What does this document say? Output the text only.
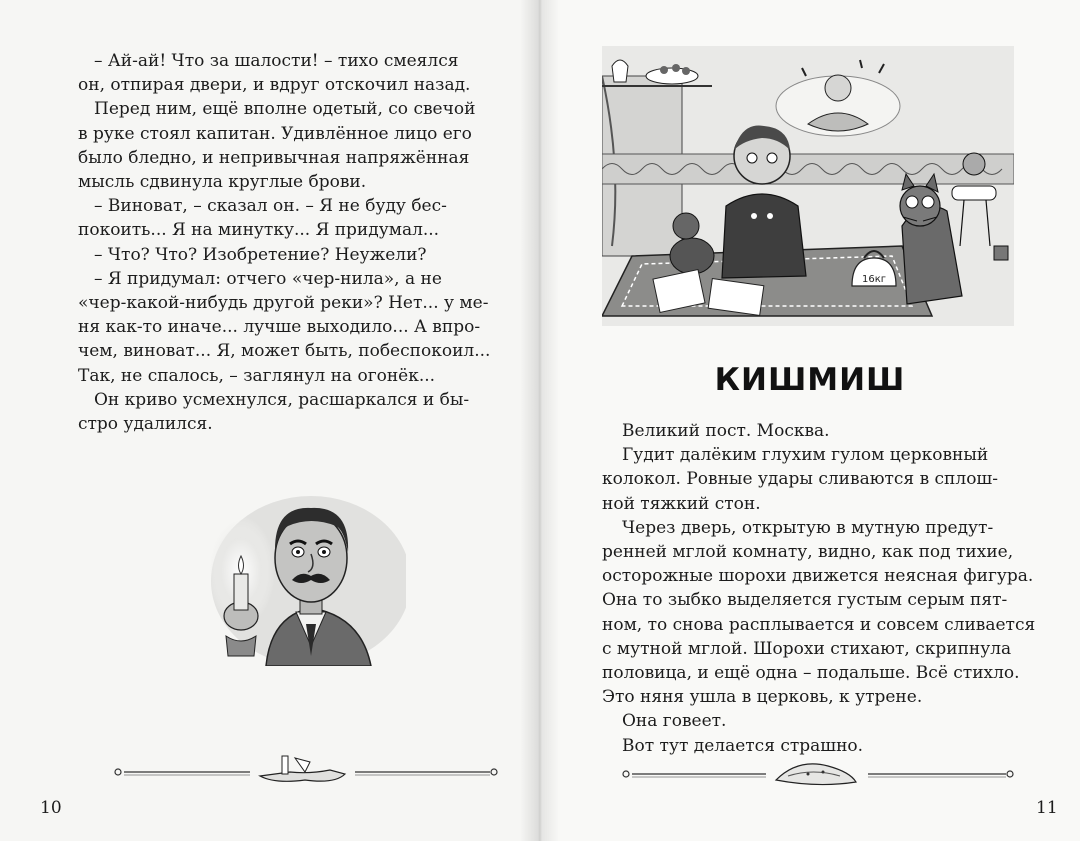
– Ай-ай! Что за шалости! – тихо смеялся
он, отпирая двери, и вдруг отскочил назад.
Перед ним, ещё вполне одетый, со свечой
в руке стоял капитан. Удивлённое лицо его
было бледно, и непривычная напряжённая
мысль сдвинула круглые брови.
– Виноват, – сказал он. – Я не буду бес-
покоить... Я на минутку... Я придумал...
– Что? Что? Изобретение? Неужели?
– Я придумал: отчего «чер-нила», а не
«чер-какой-нибудь другой реки»? Нет... у ме-
ня как-то иначе... лучше выходило... А впро-
чем, виноват... Я, может быть, побеспокоил...
Так, не спалось, – заглянул на огонёк...
Он криво усмехнулся, расшаркался и бы-
стро удалился.
10
16кг
КИШМИШ
Великий пост. Москва.
Гудит далёким глухим гулом церковный
колокол. Ровные удары сливаются в сплош-
ной тяжкий стон.
Через дверь, открытую в мутную предут-
ренней мглой комнату, видно, как под тихие,
осторожные шорохи движется неясная фигура.
Она то зыбко выделяется густым серым пят-
ном, то снова расплывается и совсем сливается
с мутной мглой. Шорохи стихают, скрипнула
половица, и ещё одна – подальше. Всё стихло.
Это няня ушла в церковь, к утрене.
Она говеет.
Вот тут делается страшно.
11
